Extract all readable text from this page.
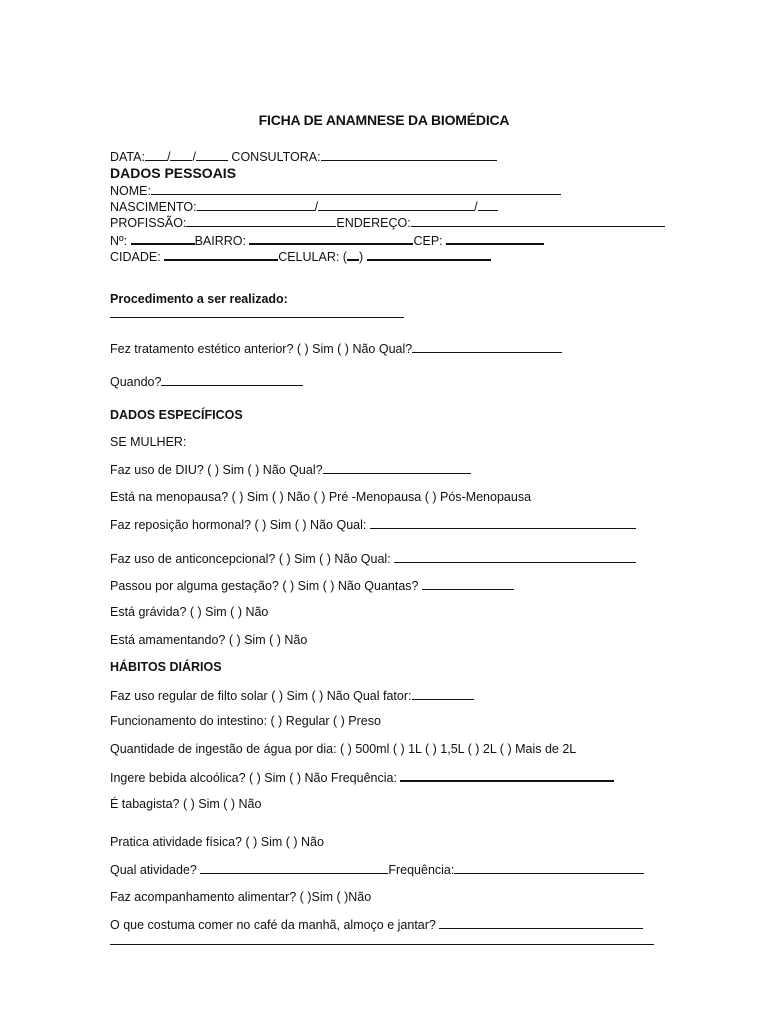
FICHA DE ANAMNESE DA BIOMÉDICA
DATA: / /	CONSULTORA:
DADOS PESSOAIS
NOME:
NASCIMENTO:	/	/
PROFISSÃO:	ENDEREÇO:
Nº:	BAIRRO:	CEP:
CIDADE:	CELULAR: ( )
Procedimento a ser realizado:
Fez tratamento estético anterior? ( ) Sim ( ) Não Qual?
Quando?
DADOS ESPECÍFICOS
SE MULHER:
Faz uso de DIU? ( ) Sim ( ) Não Qual?
Está na menopausa? ( ) Sim ( ) Não ( ) Pré -Menopausa ( ) Pós-Menopausa
Faz reposição hormonal? ( ) Sim ( ) Não Qual:
Faz uso de anticoncepcional? ( ) Sim ( ) Não Qual:
Passou por alguma gestação? ( ) Sim ( ) Não Quantas?
Está grávida? ( ) Sim ( ) Não
Está amamentando? ( ) Sim ( ) Não
HÁBITOS DIÁRIOS
Faz uso regular de filto solar ( ) Sim ( ) Não Qual fator:
Funcionamento do intestino: ( ) Regular ( ) Preso
Quantidade de ingestão de água por dia: ( ) 500ml ( ) 1L ( ) 1,5L ( ) 2L ( ) Mais de 2L
Ingere bebida alcoólica? ( ) Sim ( ) Não Frequência:
É tabagista? ( ) Sim ( ) Não
Pratica atividade física? ( ) Sim ( ) Não
Qual atividade?	Frequência:
Faz acompanhamento alimentar? ( )Sim ( )Não
O que costuma comer no café da manhã, almoço e jantar?
